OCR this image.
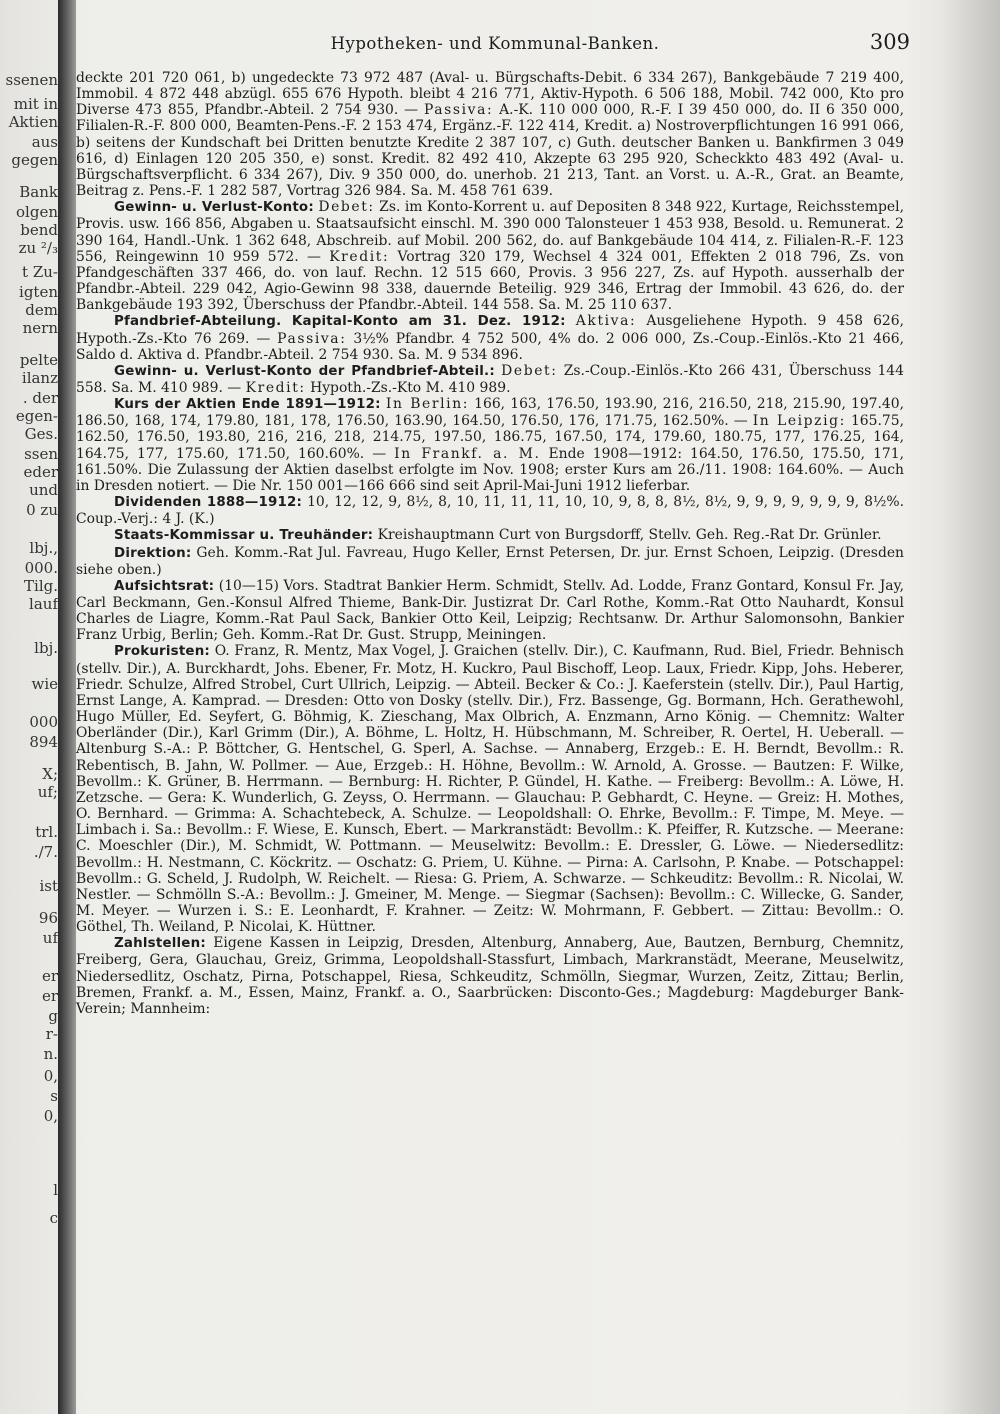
ssenen
mit in
Aktien
aus
gegen
Bank
olgen
bend
zu ²/₃
t Zu-
igten
dem
nern
pelte
ilanz
. der
egen-
Ges.
ssen
eder
und
0 zu
lbj.,
000.
Tilg.
lauf
lbj.
wie
000
894
X;
uf;
trl.
./7.
ist
96
uf
er
er
g
r-
n.
0,
s
0,
l
c
Hypotheken- und Kommunal-Banken.	309

deckte 201 720 061, b) ungedeckte 73 972 487 (Aval- u. Bürgschafts-Debit. 6 334 267), Bankgebäude 7 219 400, Immobil. 4 872 448 abzügl. 655 676 Hypoth. bleibt 4 216 771, Aktiv-Hypoth. 6 506 188, Mobil. 742 000, Kto pro Diverse 473 855, Pfandbr.-Abteil. 2 754 930. — Passiva: A.-K. 110 000 000, R.-F. I 39 450 000, do. II 6 350 000, Filialen-R.-F. 800 000, Beamten-Pens.-F. 2 153 474, Ergänz.-F. 122 414, Kredit. a) Nostroverpflichtungen 16 991 066, b) seitens der Kundschaft bei Dritten benutzte Kredite 2 387 107, c) Guth. deutscher Banken u. Bankfirmen 3 049 616, d) Einlagen 120 205 350, e) sonst. Kredit. 82 492 410, Akzepte 63 295 920, Scheckkto 483 492 (Aval- u. Bürgschaftsverpflicht. 6 334 267), Div. 9 350 000, do. unerhob. 21 213, Tant. an Vorst. u. A.-R., Grat. an Beamte, Beitrag z. Pens.-F. 1 282 587, Vortrag 326 984. Sa. M. 458 761 639.

Gewinn- u. Verlust-Konto: Debet: Zs. im Konto-Korrent u. auf Depositen 8 348 922, Kurtage, Reichsstempel, Provis. usw. 166 856, Abgaben u. Staatsaufsicht einschl. M. 390 000 Talonsteuer 1 453 938, Besold. u. Remunerat. 2 390 164, Handl.-Unk. 1 362 648, Abschreib. auf Mobil. 200 562, do. auf Bankgebäude 104 414, z. Filialen-R.-F. 123 556, Reingewinn 10 959 572. — Kredit: Vortrag 320 179, Wechsel 4 324 001, Effekten 2 018 796, Zs. von Pfandgeschäften 337 466, do. von lauf. Rechn. 12 515 660, Provis. 3 956 227, Zs. auf Hypoth. ausserhalb der Pfandbr.-Abteil. 229 042, Agio-Gewinn 98 338, dauernde Beteilig. 929 346, Ertrag der Immobil. 43 626, do. der Bankgebäude 193 392, Überschuss der Pfandbr.-Abteil. 144 558. Sa. M. 25 110 637.

Pfandbrief-Abteilung. Kapital-Konto am 31. Dez. 1912: Aktiva: Ausgeliehene Hypoth. 9 458 626, Hypoth.-Zs.-Kto 76 269. — Passiva: 3½% Pfandbr. 4 752 500, 4% do. 2 006 000, Zs.-Coup.-Einlös.-Kto 21 466, Saldo d. Aktiva d. Pfandbr.-Abteil. 2 754 930. Sa. M. 9 534 896.

Gewinn- u. Verlust-Konto der Pfandbrief-Abteil.: Debet: Zs.-Coup.-Einlös.-Kto 266 431, Überschuss 144 558. Sa. M. 410 989. — Kredit: Hypoth.-Zs.-Kto M. 410 989.

Kurs der Aktien Ende 1891—1912: In Berlin: 166, 163, 176.50, 193.90, 216, 216.50, 218, 215.90, 197.40, 186.50, 168, 174, 179.80, 181, 178, 176.50, 163.90, 164.50, 176.50, 176, 171.75, 162.50%. — In Leipzig: 165.75, 162.50, 176.50, 193.80, 216, 216, 218, 214.75, 197.50, 186.75, 167.50, 174, 179.60, 180.75, 177, 176.25, 164, 164.75, 177, 175.60, 171.50, 160.60%. — In Frankf. a. M. Ende 1908—1912: 164.50, 176.50, 175.50, 171, 161.50%. Die Zulassung der Aktien daselbst erfolgte im Nov. 1908; erster Kurs am 26./11. 1908: 164.60%. — Auch in Dresden notiert. — Die Nr. 150 001—166 666 sind seit April-Mai-Juni 1912 lieferbar.

Dividenden 1888—1912: 10, 12, 12, 9, 8½, 8, 10, 11, 11, 11, 10, 10, 9, 8, 8, 8½, 8½, 9, 9, 9, 9, 9, 9, 9, 8½%. Coup.-Verj.: 4 J. (K.)

Staats-Kommissar u. Treuhänder: Kreishauptmann Curt von Burgsdorff, Stellv. Geh. Reg.-Rat Dr. Grünler.

Direktion: Geh. Komm.-Rat Jul. Favreau, Hugo Keller, Ernst Petersen, Dr. jur. Ernst Schoen, Leipzig. (Dresden siehe oben.)

Aufsichtsrat: (10—15) Vors. Stadtrat Bankier Herm. Schmidt, Stellv. Ad. Lodde, Franz Gontard, Konsul Fr. Jay, Carl Beckmann, Gen.-Konsul Alfred Thieme, Bank-Dir. Justizrat Dr. Carl Rothe, Komm.-Rat Otto Nauhardt, Konsul Charles de Liagre, Komm.-Rat Paul Sack, Bankier Otto Keil, Leipzig; Rechtsanw. Dr. Arthur Salomonsohn, Bankier Franz Urbig, Berlin; Geh. Komm.-Rat Dr. Gust. Strupp, Meiningen.

Prokuristen: O. Franz, R. Mentz, Max Vogel, J. Graichen (stellv. Dir.), C. Kaufmann, Rud. Biel, Friedr. Behnisch (stellv. Dir.), A. Burckhardt, Johs. Ebener, Fr. Motz, H. Kuckro, Paul Bischoff, Leop. Laux, Friedr. Kipp, Johs. Heberer, Friedr. Schulze, Alfred Strobel, Curt Ullrich, Leipzig. — Abteil. Becker & Co.: J. Kaeferstein (stellv. Dir.), Paul Hartig, Ernst Lange, A. Kamprad. — Dresden: Otto von Dosky (stellv. Dir.), Frz. Bassenge, Gg. Bormann, Hch. Gerathewohl, Hugo Müller, Ed. Seyfert, G. Böhmig, K. Zieschang, Max Olbrich, A. Enzmann, Arno König. — Chemnitz: Walter Oberländer (Dir.), Karl Grimm (Dir.), A. Böhme, L. Holtz, H. Hübschmann, M. Schreiber, R. Oertel, H. Ueberall. — Altenburg S.-A.: P. Böttcher, G. Hentschel, G. Sperl, A. Sachse. — Annaberg, Erzgeb.: E. H. Berndt, Bevollm.: R. Rebentisch, B. Jahn, W. Pollmer. — Aue, Erzgeb.: H. Höhne, Bevollm.: W. Arnold, A. Grosse. — Bautzen: F. Wilke, Bevollm.: K. Grüner, B. Herrmann. — Bernburg: H. Richter, P. Gündel, H. Kathe. — Freiberg: Bevollm.: A. Löwe, H. Zetzsche. — Gera: K. Wunderlich, G. Zeyss, O. Herrmann. — Glauchau: P. Gebhardt, C. Heyne. — Greiz: H. Mothes, O. Bernhard. — Grimma: A. Schachtebeck, A. Schulze. — Leopoldshall: O. Ehrke, Bevollm.: F. Timpe, M. Meye. — Limbach i. Sa.: Bevollm.: F. Wiese, E. Kunsch, Ebert. — Markranstädt: Bevollm.: K. Pfeiffer, R. Kutzsche. — Meerane: C. Moeschler (Dir.), M. Schmidt, W. Pottmann. — Meuselwitz: Bevollm.: E. Dressler, G. Löwe. — Niedersedlitz: Bevollm.: H. Nestmann, C. Köckritz. — Oschatz: G. Priem, U. Kühne. — Pirna: A. Carlsohn, P. Knabe. — Potschappel: Bevollm.: G. Scheld, J. Rudolph, W. Reichelt. — Riesa: G. Priem, A. Schwarze. — Schkeuditz: Bevollm.: R. Nicolai, W. Nestler. — Schmölln S.-A.: Bevollm.: J. Gmeiner, M. Menge. — Siegmar (Sachsen): Bevollm.: C. Willecke, G. Sander, M. Meyer. — Wurzen i. S.: E. Leonhardt, F. Krahner. — Zeitz: W. Mohrmann, F. Gebbert. — Zittau: Bevollm.: O. Göthel, Th. Weiland, P. Nicolai, K. Hüttner.

Zahlstellen: Eigene Kassen in Leipzig, Dresden, Altenburg, Annaberg, Aue, Bautzen, Bernburg, Chemnitz, Freiberg, Gera, Glauchau, Greiz, Grimma, Leopoldshall-Stassfurt, Limbach, Markranstädt, Meerane, Meuselwitz, Niedersedlitz, Oschatz, Pirna, Potschappel, Riesa, Schkeuditz, Schmölln, Siegmar, Wurzen, Zeitz, Zittau; Berlin, Bremen, Frankf. a. M., Essen, Mainz, Frankf. a. O., Saarbrücken: Disconto-Ges.; Magdeburg: Magdeburger Bank-Verein; Mannheim:
